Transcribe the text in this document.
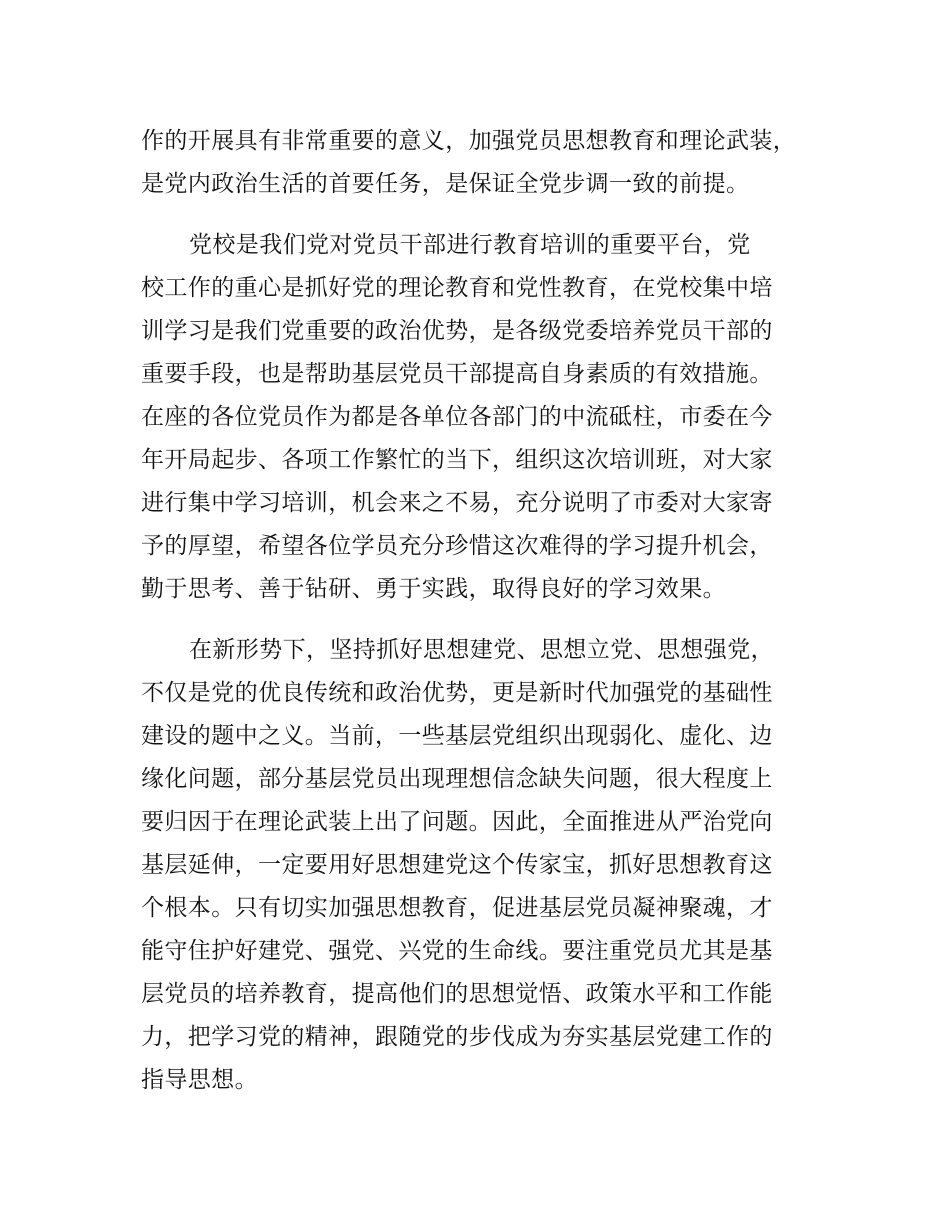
作的开展具有非常重要的意义，加强党员思想教育和理论武装，

是党内政治生活的首要任务，是保证全党步调一致的前提。

党校是我们党对党员干部进行教育培训的重要平台，党

校工作的重心是抓好党的理论教育和党性教育，在党校集中培

训学习是我们党重要的政治优势，是各级党委培养党员干部的

重要手段，也是帮助基层党员干部提高自身素质的有效措施。

在座的各位党员作为都是各单位各部门的中流砥柱，市委在今

年开局起步、各项工作繁忙的当下，组织这次培训班，对大家

进行集中学习培训，机会来之不易，充分说明了市委对大家寄

予的厚望，希望各位学员充分珍惜这次难得的学习提升机会，

勤于思考、善于钻研、勇于实践，取得良好的学习效果。

在新形势下，坚持抓好思想建党、思想立党、思想强党，

不仅是党的优良传统和政治优势，更是新时代加强党的基础性

建设的题中之义。当前，一些基层党组织出现弱化、虚化、边

缘化问题，部分基层党员出现理想信念缺失问题，很大程度上

要归因于在理论武装上出了问题。因此，全面推进从严治党向

基层延伸，一定要用好思想建党这个传家宝，抓好思想教育这

个根本。只有切实加强思想教育，促进基层党员凝神聚魂，才

能守住护好建党、强党、兴党的生命线。要注重党员尤其是基

层党员的培养教育，提高他们的思想觉悟、政策水平和工作能

力，把学习党的精神，跟随党的步伐成为夯实基层党建工作的

指导思想。
